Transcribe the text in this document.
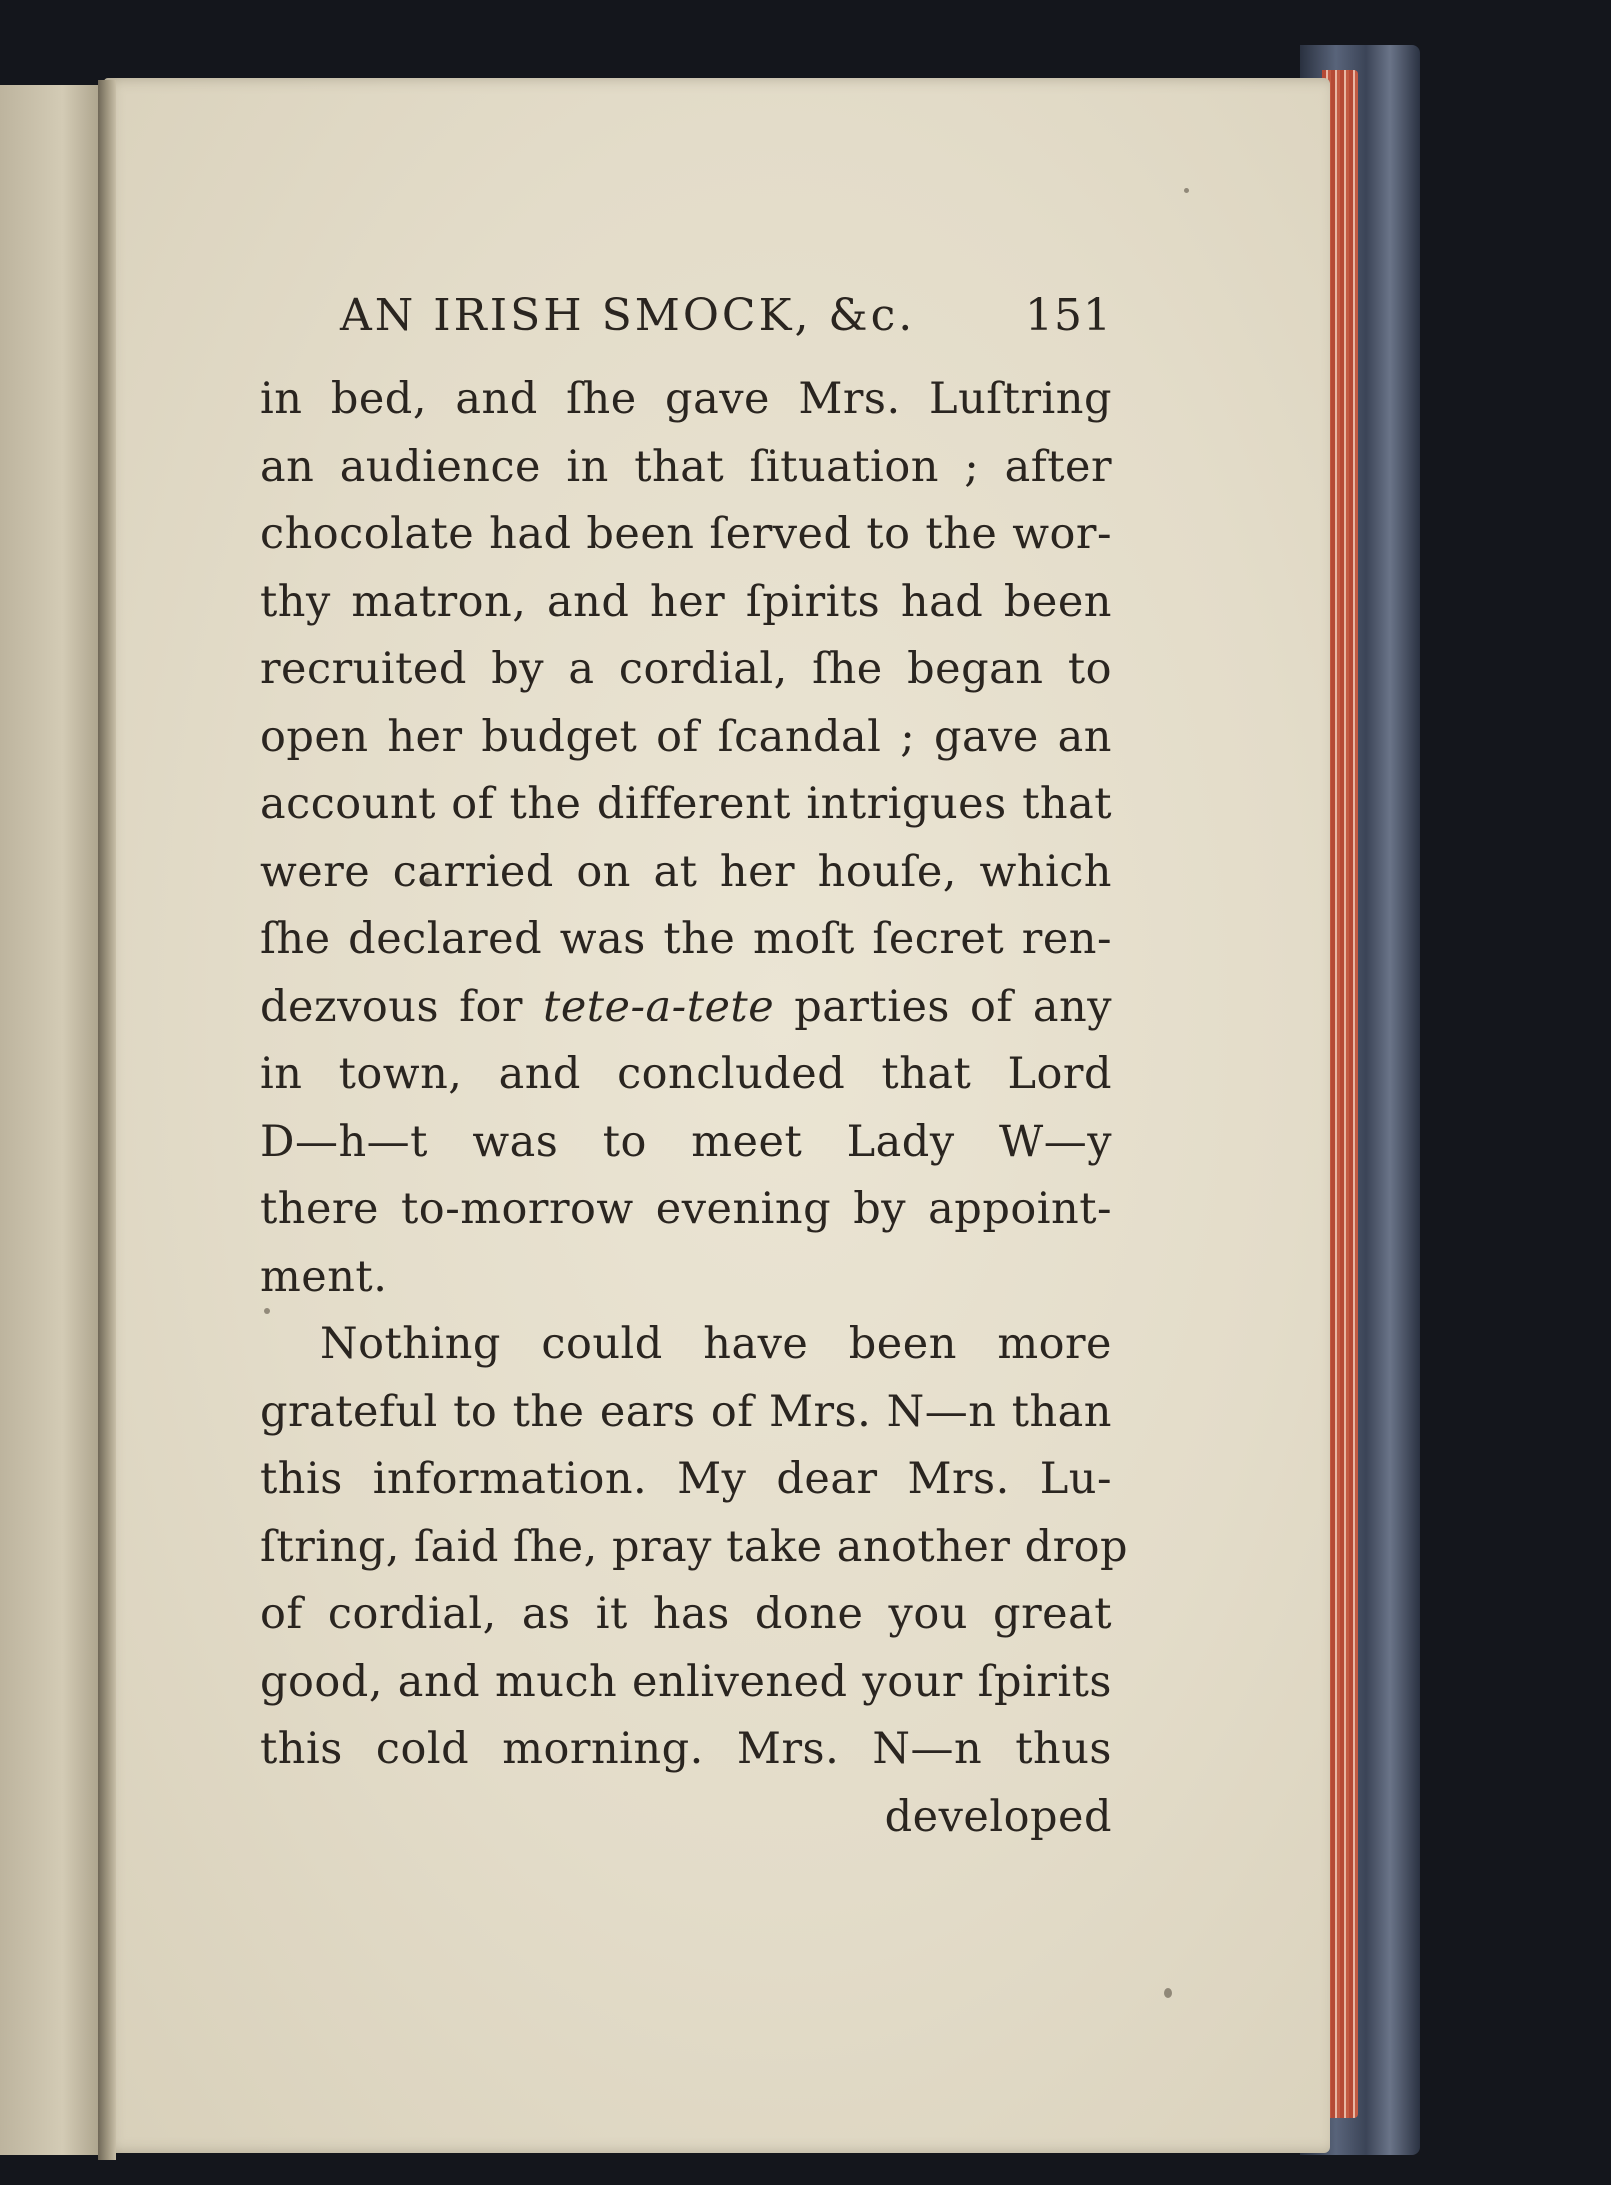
AN IRISH SMOCK, &c. 151
in bed, and ſhe gave Mrs. Luſtring
an audience in that ſituation ; after
chocolate had been ſerved to the wor-
thy matron, and her ſpirits had been
recruited by a cordial, ſhe began to
open her budget of ſcandal ; gave an
account of the different intrigues that
were carried on at her houſe, which
ſhe declared was the moſt ſecret ren-
dezvous for tete-a-tete parties of any
in town, and concluded that Lord
D—h—t was to meet Lady W—y
there to-morrow evening by appoint-
ment.
Nothing could have been more
grateful to the ears of Mrs. N—n than
this information. My dear Mrs. Lu-
ſtring, ſaid ſhe, pray take another drop
of cordial, as it has done you great
good, and much enlivened your ſpirits
this cold morning. Mrs. N—n thus
developed
